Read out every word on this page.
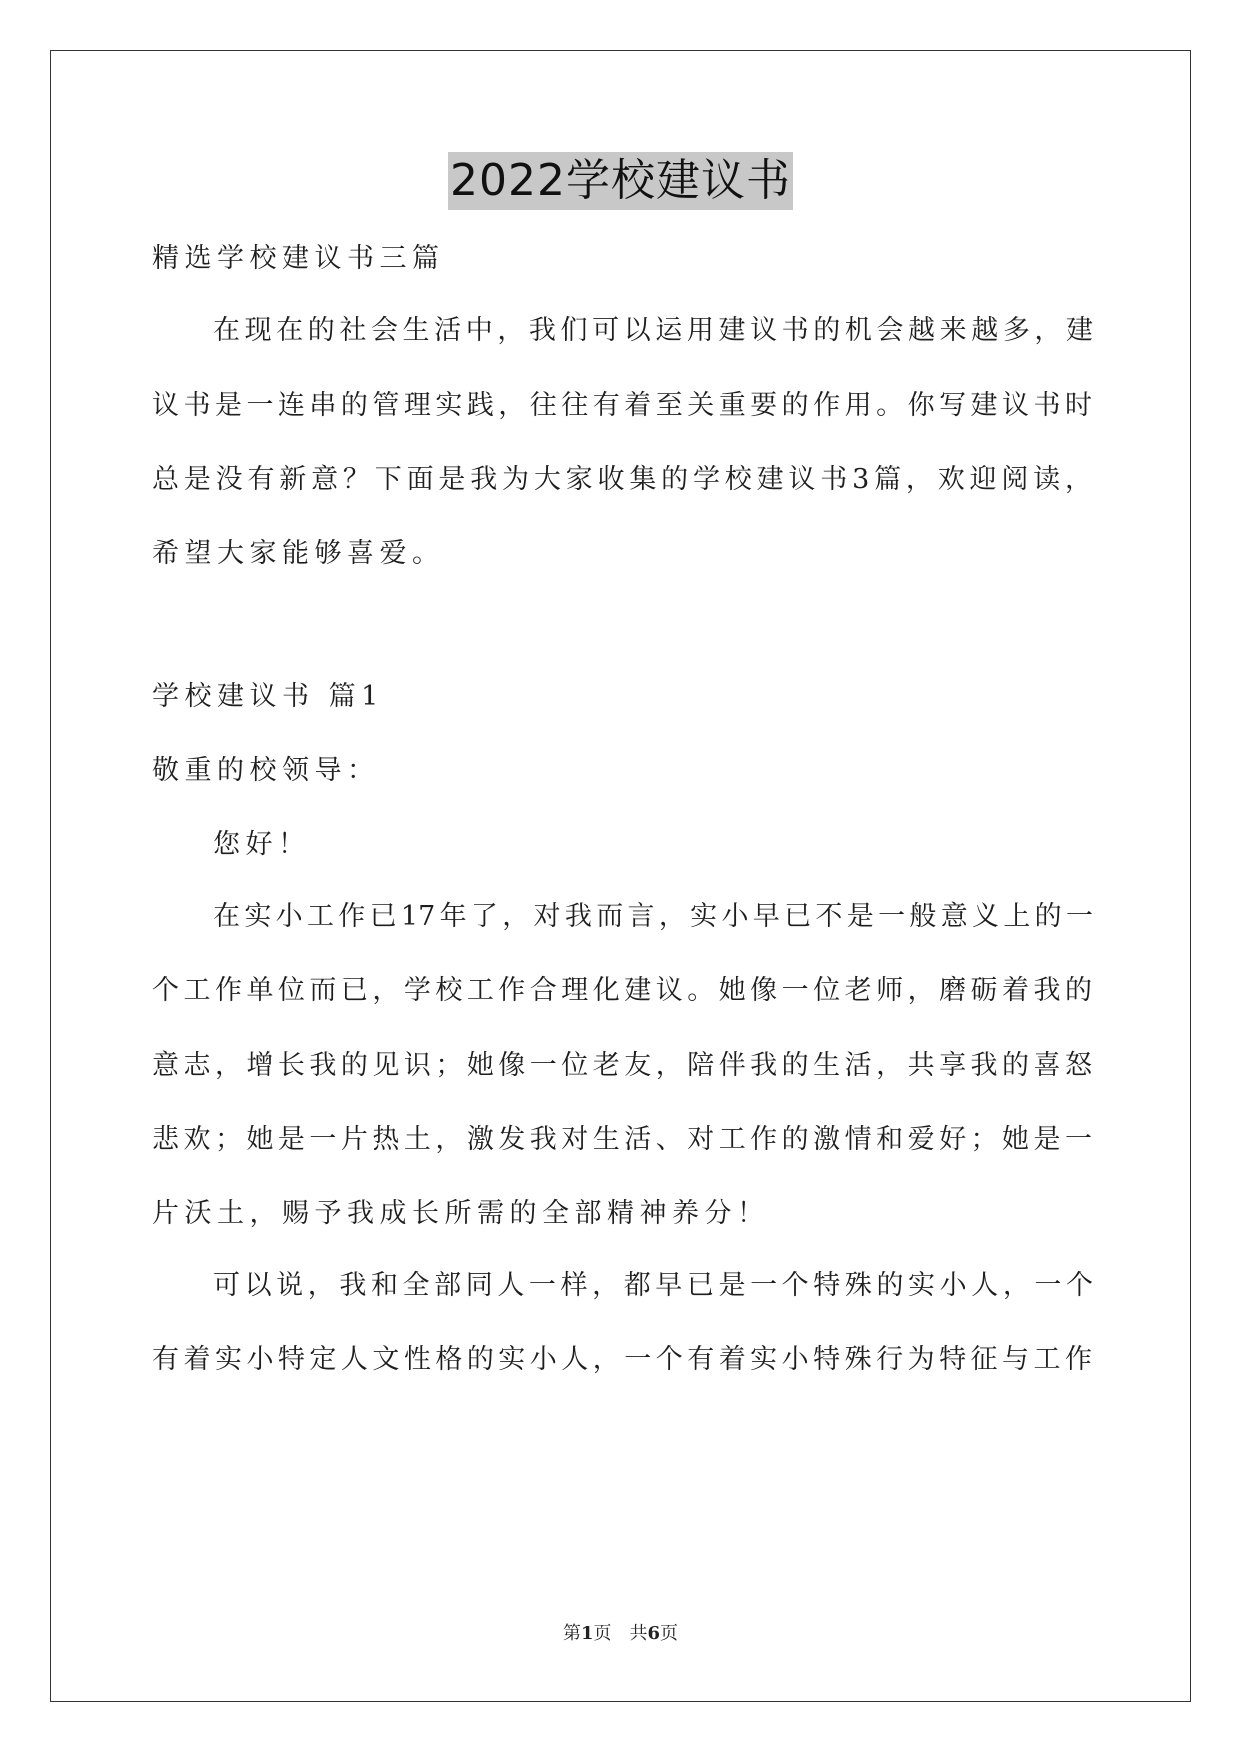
2022学校建议书
精选学校建议书三篇
在现在的社会生活中，我们可以运用建议书的机会越来越多，建
议书是一连串的管理实践，往往有着至关重要的作用。你写建议书时
总是没有新意？下面是我为大家收集的学校建议书3篇，欢迎阅读，
希望大家能够喜爱。
学校建议书 篇1
敬重的校领导：
您好！
在实小工作已17年了，对我而言，实小早已不是一般意义上的一
个工作单位而已，学校工作合理化建议。她像一位老师，磨砺着我的
意志，增长我的见识；她像一位老友，陪伴我的生活，共享我的喜怒
悲欢；她是一片热土，激发我对生活、对工作的激情和爱好；她是一
片沃土，赐予我成长所需的全部精神养分！
可以说，我和全部同人一样，都早已是一个特殊的实小人，一个
有着实小特定人文性格的实小人，一个有着实小特殊行为特征与工作
第1页　共6页
